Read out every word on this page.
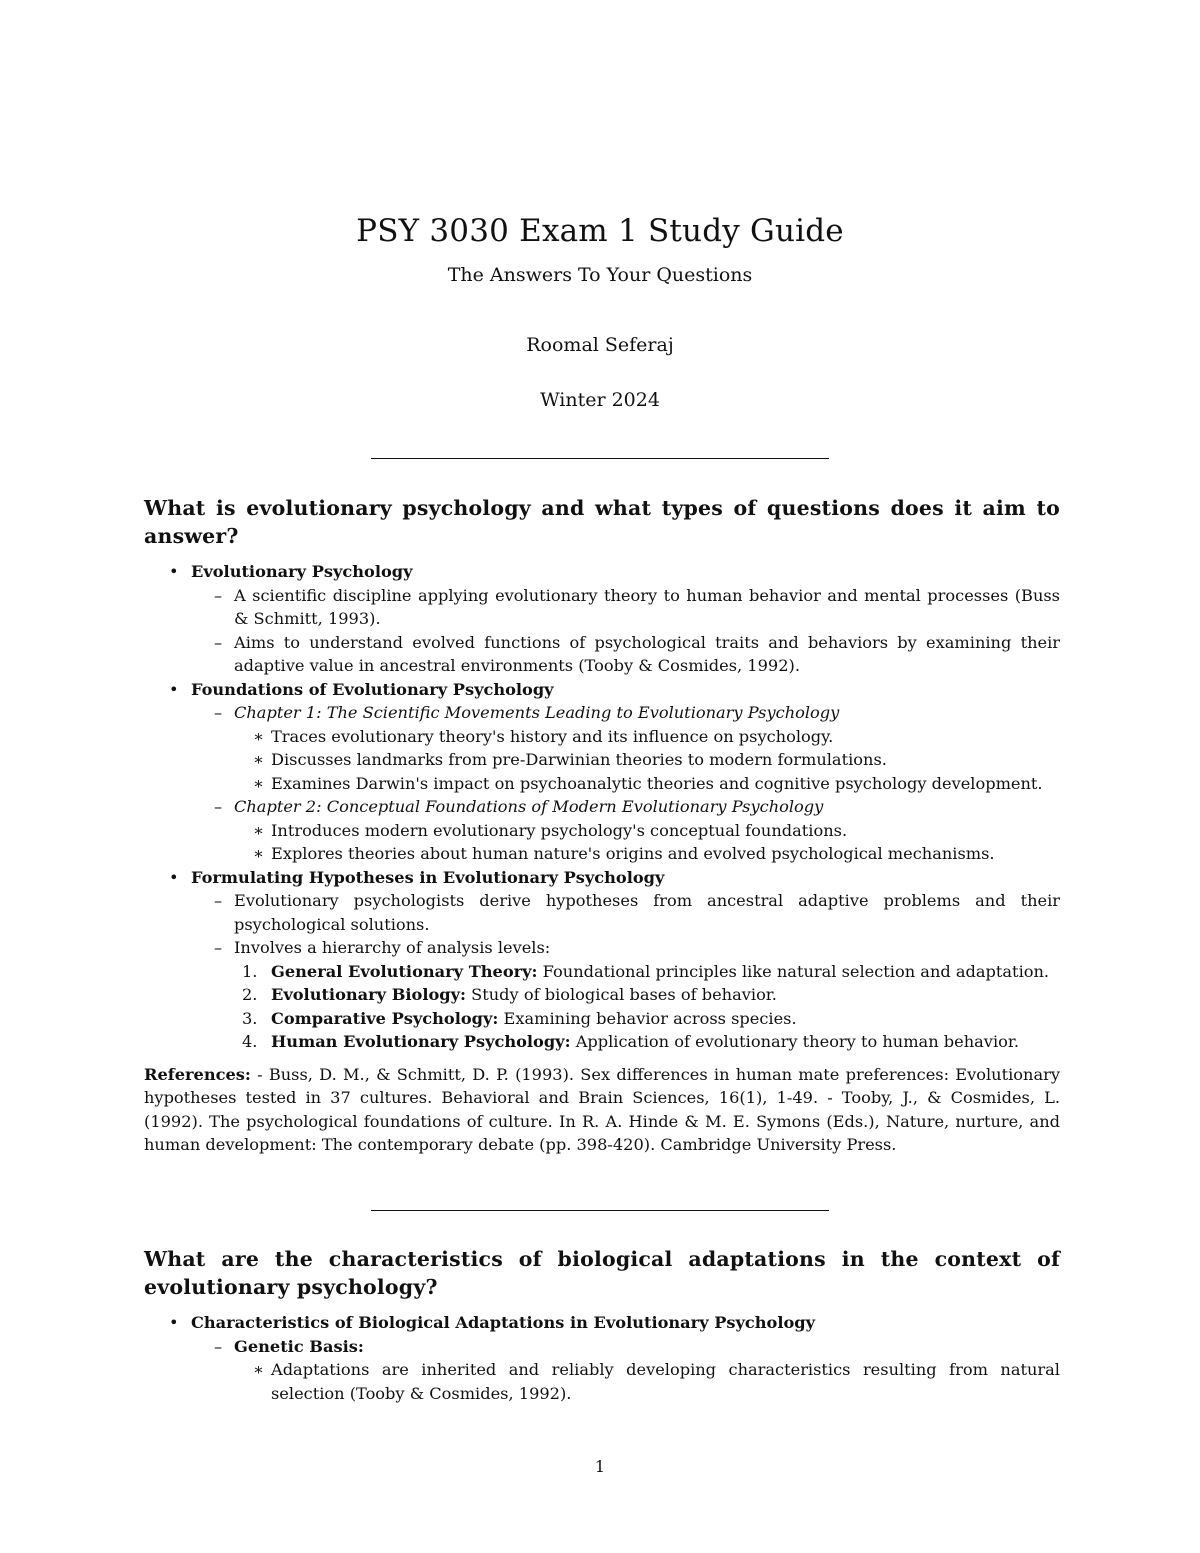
PSY 3030 Exam 1 Study Guide
The Answers To Your Questions
Roomal Seferaj
Winter 2024
What is evolutionary psychology and what types of questions does it aim to answer?
• Evolutionary Psychology
– A scientific discipline applying evolutionary theory to human behavior and mental processes (Buss & Schmitt, 1993).
– Aims to understand evolved functions of psychological traits and behaviors by examining their adaptive value in ancestral environments (Tooby & Cosmides, 1992).
• Foundations of Evolutionary Psychology
– Chapter 1: The Scientific Movements Leading to Evolutionary Psychology
∗ Traces evolutionary theory's history and its influence on psychology.
∗ Discusses landmarks from pre-Darwinian theories to modern formulations.
∗ Examines Darwin's impact on psychoanalytic theories and cognitive psychology development.
– Chapter 2: Conceptual Foundations of Modern Evolutionary Psychology
∗ Introduces modern evolutionary psychology's conceptual foundations.
∗ Explores theories about human nature's origins and evolved psychological mechanisms.
• Formulating Hypotheses in Evolutionary Psychology
– Evolutionary psychologists derive hypotheses from ancestral adaptive problems and their psychological solutions.
– Involves a hierarchy of analysis levels:
1. General Evolutionary Theory: Foundational principles like natural selection and adaptation.
2. Evolutionary Biology: Study of biological bases of behavior.
3. Comparative Psychology: Examining behavior across species.
4. Human Evolutionary Psychology: Application of evolutionary theory to human behavior.

References: - Buss, D. M., & Schmitt, D. P. (1993). Sex differences in human mate preferences: Evolutionary hypotheses tested in 37 cultures. Behavioral and Brain Sciences, 16(1), 1-49. - Tooby, J., & Cosmides, L. (1992). The psychological foundations of culture. In R. A. Hinde & M. E. Symons (Eds.), Nature, nurture, and human development: The contemporary debate (pp. 398-420). Cambridge University Press.

What are the characteristics of biological adaptations in the context of evolutionary psychology?
• Characteristics of Biological Adaptations in Evolutionary Psychology
– Genetic Basis:
∗ Adaptations are inherited and reliably developing characteristics resulting from natural selection (Tooby & Cosmides, 1992).
1
